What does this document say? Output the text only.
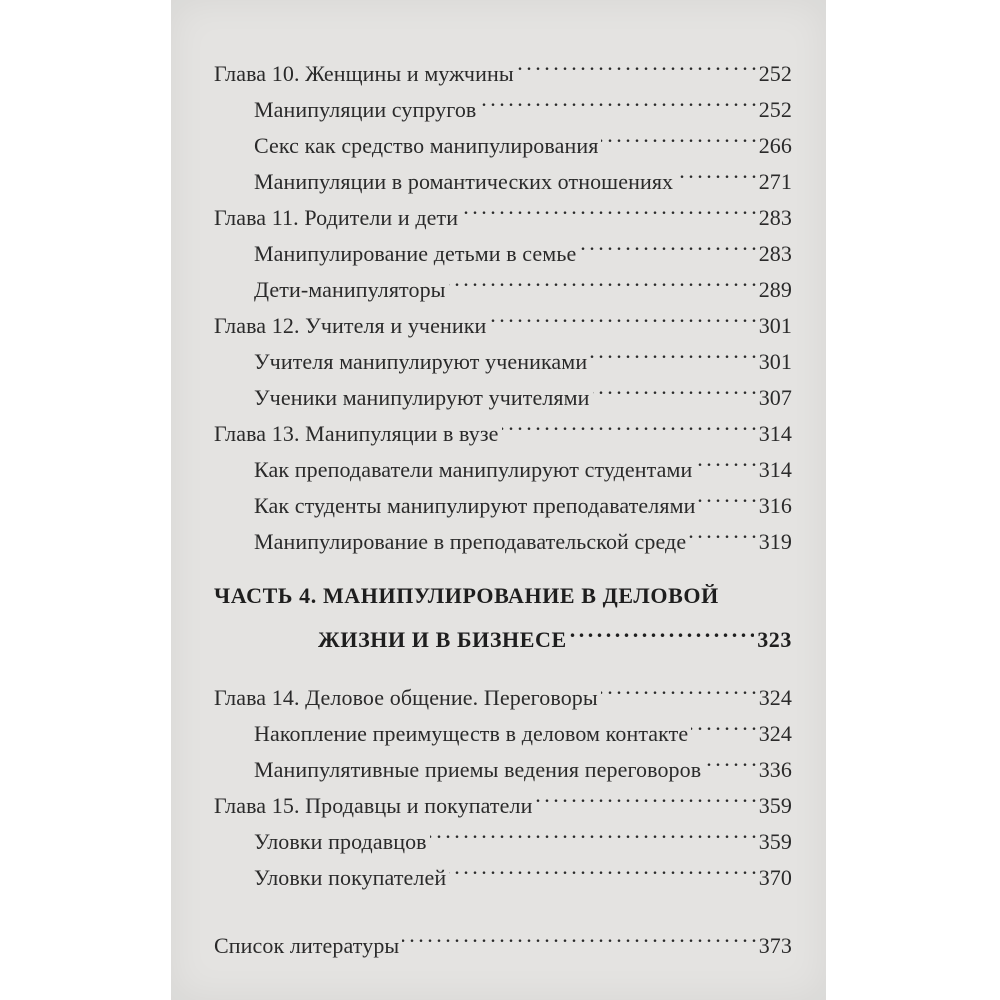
Глава 10. Женщины и мужчины . . .	252
Манипуляции супругов . . .	252
Секс как средство манипулирования . . .	266
Манипуляции в романтических отношениях . . .	271
Глава 11. Родители и дети . . .	283
Манипулирование детьми в семье . . .	283
Дети-манипуляторы . . .	289
Глава 12. Учителя и ученики . . .	301
Учителя манипулируют учениками . . .	301
Ученики манипулируют учителями . . .	307
Глава 13. Манипуляции в вузе . . .	314
Как преподаватели манипулируют студентами . . .	314
Как студенты манипулируют преподавателями . . .	316
Манипулирование в преподавательской среде . . .	319
ЧАСТЬ 4. МАНИПУЛИРОВАНИЕ В ДЕЛОВОЙ
ЖИЗНИ И В БИЗНЕСЕ . . .	323
Глава 14. Деловое общение. Переговоры . . .	324
Накопление преимуществ в деловом контакте . . .	324
Манипулятивные приемы ведения переговоров . . .	336
Глава 15. Продавцы и покупатели . . .	359
Уловки продавцов . . .	359
Уловки покупателей . . .	370
Список литературы . . .	373
